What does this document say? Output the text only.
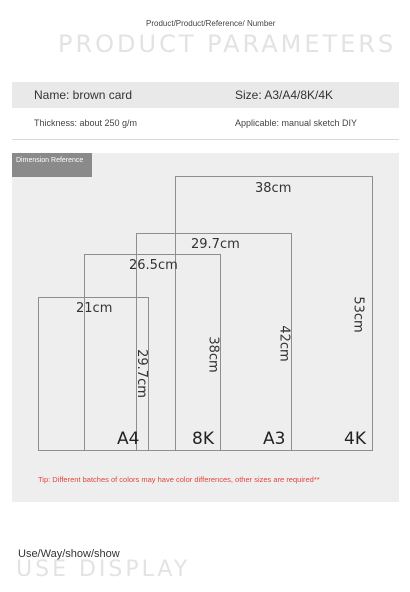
Product/Product/Reference/ Number
PRODUCT PARAMETERS
Name: brown card	Size: A3/A4/8K/4K
Thickness: about 250 g/m	Applicable: manual sketch DIY
Dimension Reference
38cm
53cm
4K
29.7cm
42cm
A3
26.5cm
38cm
8K
21cm
29.7cm
A4
Tip: Different batches of colors may have color differences, other sizes are required**
Use/Way/show/show
USE DISPLAY
